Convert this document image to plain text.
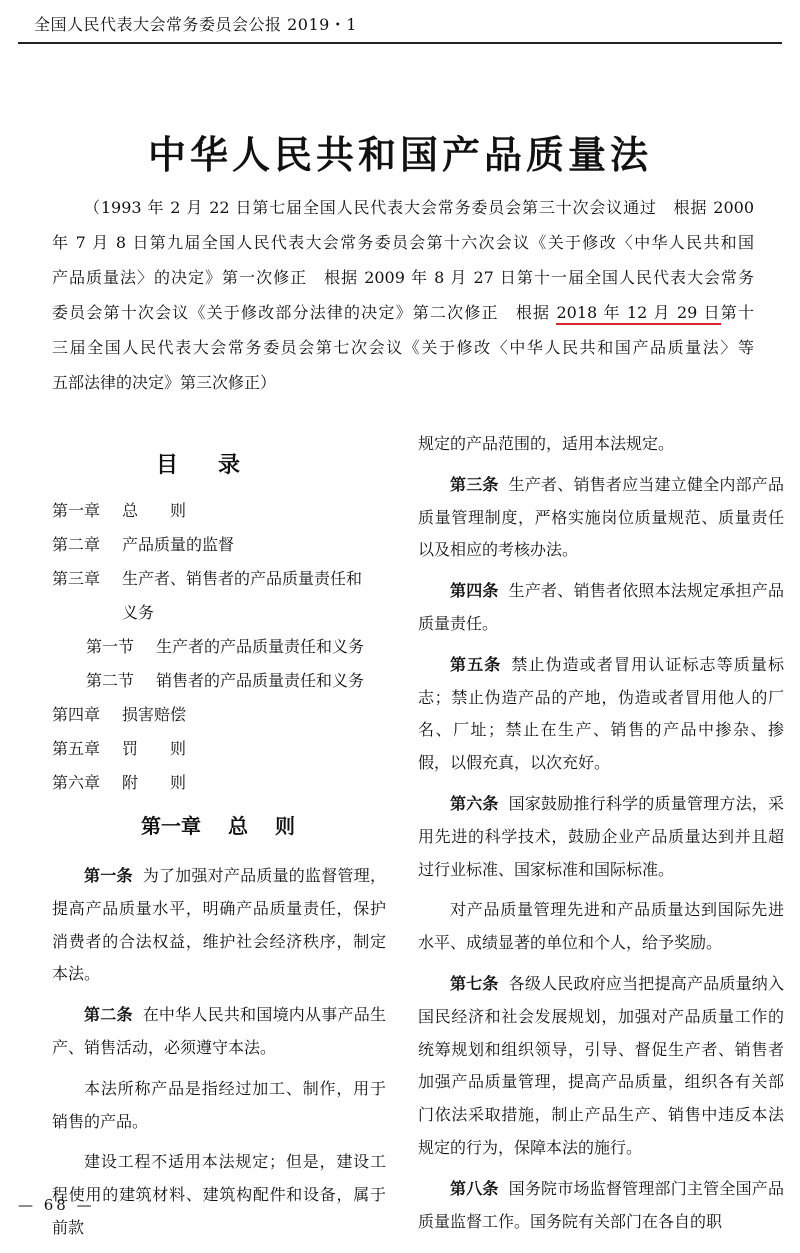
全国人民代表大会常务委员会公报 2019・1
中华人民共和国产品质量法
（1993 年 2 月 22 日第七届全国人民代表大会常务委员会第三十次会议通过　根据 2000
年 7 月 8 日第九届全国人民代表大会常务委员会第十六次会议《关于修改〈中华人民共和国
产品质量法〉的决定》第一次修正　根据 2009 年 8 月 27 日第十一届全国人民代表大会常务
委员会第十次会议《关于修改部分法律的决定》第二次修正　根据 2018 年 12 月 29 日第十
三届全国人民代表大会常务委员会第七次会议《关于修改〈中华人民共和国产品质量法〉等
五部法律的决定》第三次修正）
目录
第一章 总　　则
第二章 产品质量的监督
第三章 生产者、销售者的产品质量责任和
义务
第一节 生产者的产品质量责任和义务
第二节 销售者的产品质量责任和义务
第四章 损害赔偿
第五章 罚　　则
第六章 附　　则
第一章 总 则

第一条 为了加强对产品质量的监督管理，提高产品质量水平，明确产品质量责任，保护消费者的合法权益，维护社会经济秩序，制定本法。

第二条 在中华人民共和国境内从事产品生产、销售活动，必须遵守本法。

本法所称产品是指经过加工、制作，用于销售的产品。

建设工程不适用本法规定；但是，建设工程使用的建筑材料、建筑构配件和设备，属于前款

规定的产品范围的，适用本法规定。

第三条 生产者、销售者应当建立健全内部产品质量管理制度，严格实施岗位质量规范、质量责任以及相应的考核办法。

第四条 生产者、销售者依照本法规定承担产品质量责任。

第五条 禁止伪造或者冒用认证标志等质量标志；禁止伪造产品的产地，伪造或者冒用他人的厂名、厂址；禁止在生产、销售的产品中掺杂、掺假，以假充真，以次充好。

第六条 国家鼓励推行科学的质量管理方法，采用先进的科学技术，鼓励企业产品质量达到并且超过行业标准、国家标准和国际标准。

对产品质量管理先进和产品质量达到国际先进水平、成绩显著的单位和个人，给予奖励。

第七条 各级人民政府应当把提高产品质量纳入国民经济和社会发展规划，加强对产品质量工作的统筹规划和组织领导，引导、督促生产者、销售者加强产品质量管理，提高产品质量，组织各有关部门依法采取措施，制止产品生产、销售中违反本法规定的行为，保障本法的施行。

第八条 国务院市场监督管理部门主管全国产品质量监督工作。国务院有关部门在各自的职

— 68 —
